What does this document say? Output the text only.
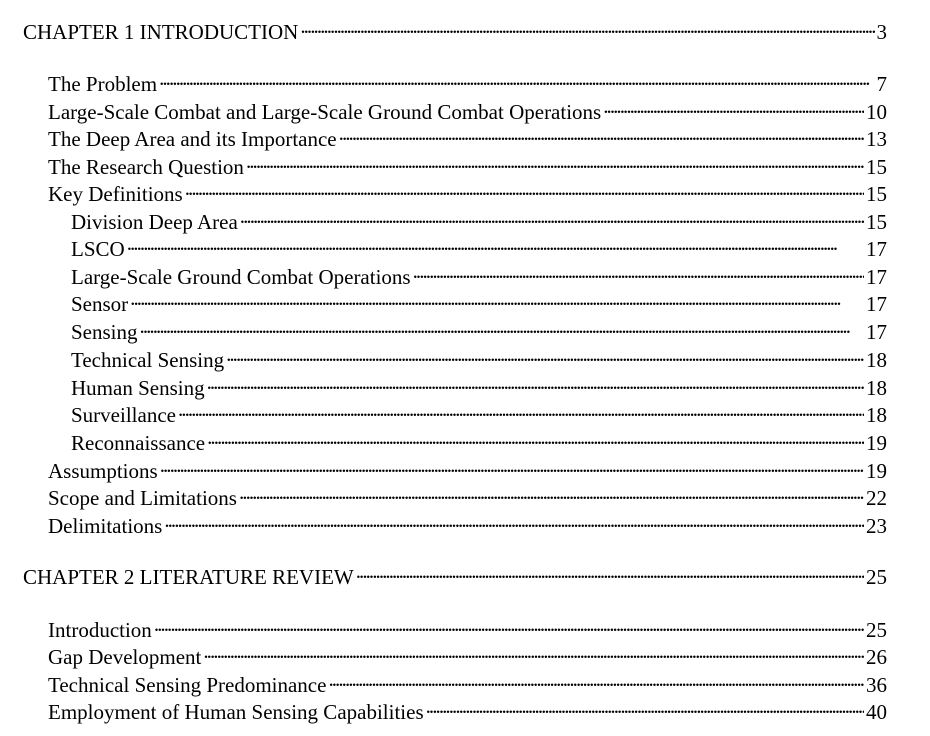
CHAPTER 1 INTRODUCTION . . .	3
The Problem . . .	7
Large-Scale Combat and Large-Scale Ground Combat Operations . . .	10
The Deep Area and its Importance . . .	13
The Research Question . . .	15
Key Definitions . . .	15
Division Deep Area . . .	15
LSCO . . .	17
Large-Scale Ground Combat Operations . . .	17
Sensor . . .	17
Sensing . . .	17
Technical Sensing . . .	18
Human Sensing . . .	18
Surveillance . . .	18
Reconnaissance . . .	19
Assumptions . . .	19
Scope and Limitations . . .	22
Delimitations . . .	23
CHAPTER 2 LITERATURE REVIEW . . .	25
Introduction . . .	25
Gap Development . . .	26
Technical Sensing Predominance . . .	36
Employment of Human Sensing Capabilities . . .	40
